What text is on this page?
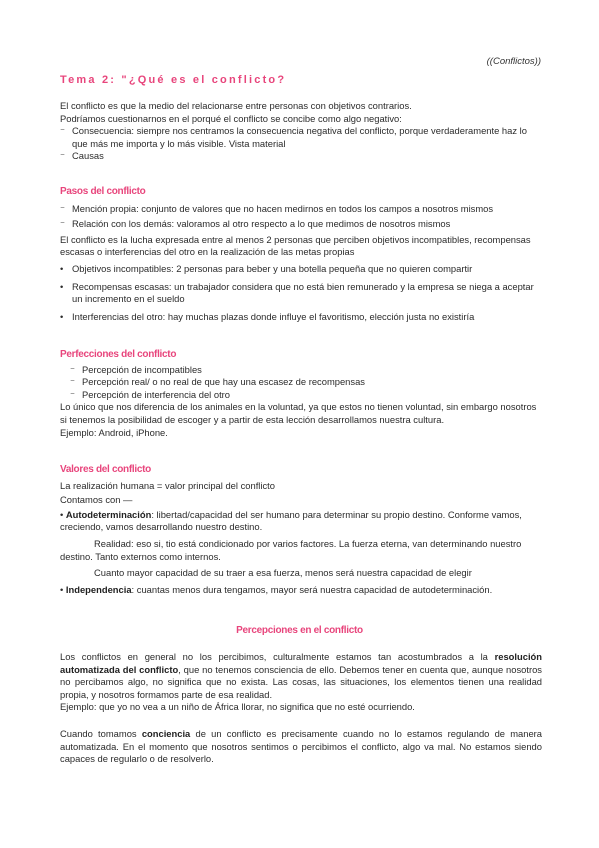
((Conflictos))
Tema 2: "¿Qué es el conflicto?
El conflicto es que la medio del relacionarse entre personas con objetivos contrarios.
Podríamos cuestionarnos en el porqué el conflicto se concibe como algo negativo:
⁻ Consecuencia: siempre nos centramos la consecuencia negativa del conflicto, porque verdaderamente haz lo que más me importa y lo más visible. Vista material
⁻ Causas
Pasos del conflicto
⁻ Mención propia: conjunto de valores que no hacen medirnos en todos los campos a nosotros mismos
⁻ Relación con los demás: valoramos al otro respecto a lo que medimos de nosotros mismos
El conflicto es la lucha expresada entre al menos 2 personas que perciben objetivos incompatibles, recompensas escasas o interferencias del otro en la realización de las metas propias
• Objetivos incompatibles: 2 personas para beber y una botella pequeña que no quieren compartir
• Recompensas escasas: un trabajador considera que no está bien remunerado y la empresa se niega a aceptar un incremento en el sueldo
• Interferencias del otro: hay muchas plazas donde influye el favoritismo, elección justa no existiría
Perfecciones del conflicto
⁻ Percepción de incompatibles
⁻ Percepción real/ o no real de que hay una escasez de recompensas
⁻ Percepción de interferencia del otro
Lo único que nos diferencia de los animales en la voluntad, ya que estos no tienen voluntad, sin embargo nosotros si tenemos la posibilidad de escoger y a partir de esta lección desarrollamos nuestra cultura.
Ejemplo: Android, iPhone.
Valores del conflicto
La realización humana = valor principal del conflicto
Contamos con —
• Autodeterminación: libertad/capacidad del ser humano para determinar su propio destino. Conforme vamos, creciendo, vamos desarrollando nuestro destino.
Realidad: eso si, tio está condicionado por varios factores. La fuerza eterna, van determinando nuestro destino. Tanto externos como internos.
Cuanto mayor capacidad de su traer a esa fuerza, menos será nuestra capacidad de elegir
• Independencia: cuantas menos dura tengamos, mayor será nuestra capacidad de autodeterminación.
Percepciones en el conflicto
Los conflictos en general no los percibimos, culturalmente estamos tan acostumbrados a la resolución automatizada del conflicto, que no tenemos consciencia de ello. Debemos tener en cuenta que, aunque nosotros no percibamos algo, no significa que no exista. Las cosas, las situaciones, los elementos tienen una realidad propia, y nosotros formamos parte de esa realidad.
Ejemplo: que yo no vea a un niño de África llorar, no significa que no esté ocurriendo.
Cuando tomamos conciencia de un conflicto es precisamente cuando no lo estamos regulando de manera automatizada. En el momento que nosotros sentimos o percibimos el conflicto, algo va mal. No estamos siendo capaces de regularlo o de resolverlo.
